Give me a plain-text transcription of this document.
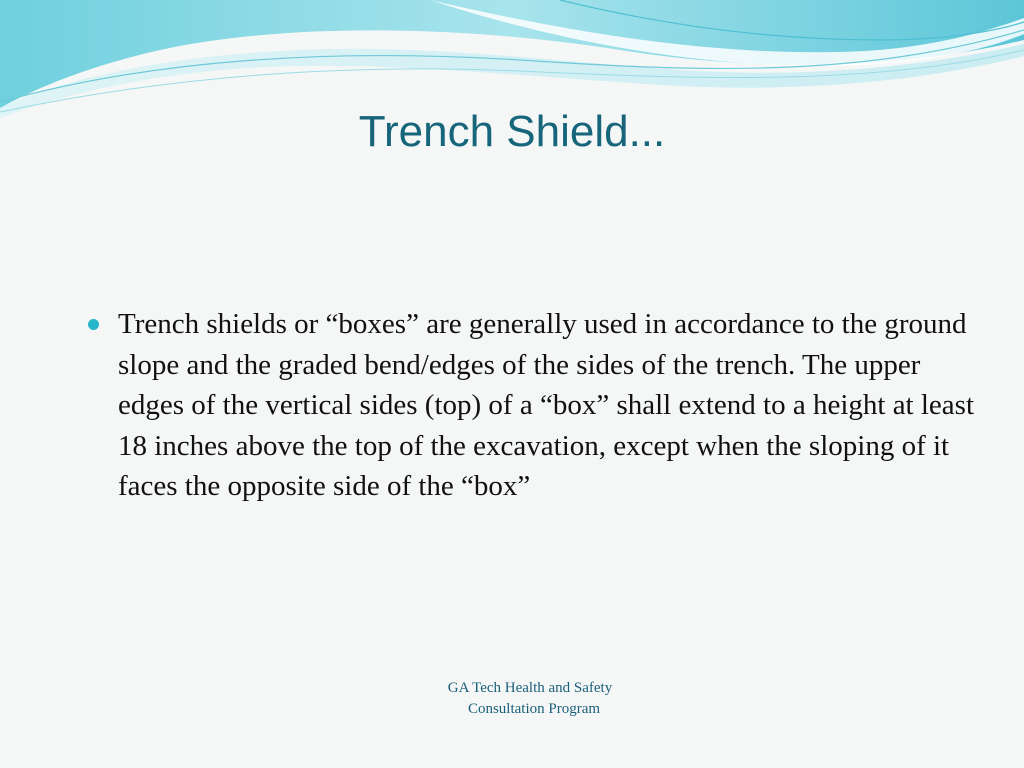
Trench Shield...
Trench shields or “boxes” are generally used in accordance to the ground slope and the graded bend/edges of the sides of the trench. The upper edges of the vertical sides (top) of a “box” shall extend to a height at least 18 inches above the top of the excavation, except when the sloping of it faces the opposite side of the “box”
GA Tech Health and Safety
Consultation Program
